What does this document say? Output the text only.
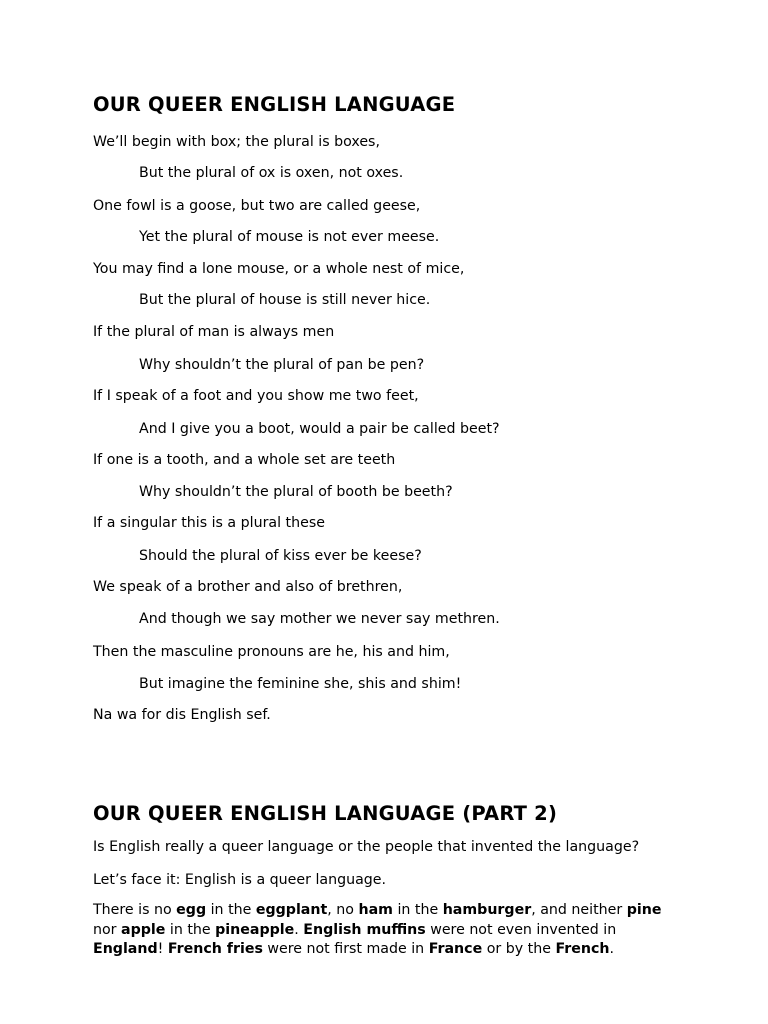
OUR QUEER ENGLISH LANGUAGE

We’ll begin with box; the plural is boxes,

But the plural of ox is oxen, not oxes.

One fowl is a goose, but two are called geese,

Yet the plural of mouse is not ever meese.

You may find a lone mouse, or a whole nest of mice,

But the plural of house is still never hice.

If the plural of man is always men

Why shouldn’t the plural of pan be pen?

If I speak of a foot and you show me two feet,

And I give you a boot, would a pair be called beet?

If one is a tooth, and a whole set are teeth

Why shouldn’t the plural of booth be beeth?

If a singular this is a plural these

Should the plural of kiss ever be keese?

We speak of a brother and also of brethren,

And though we say mother we never say methren.

Then the masculine pronouns are he, his and him,

But imagine the feminine she, shis and shim!

Na wa for dis English sef.

OUR QUEER ENGLISH LANGUAGE (PART 2)

Is English really a queer language or the people that invented the language?

Let’s face it: English is a queer language.

There is no egg in the eggplant, no ham in the hamburger, and neither pine nor apple in the pineapple. English muffins were not even invented in England! French fries were not first made in France or by the French.
